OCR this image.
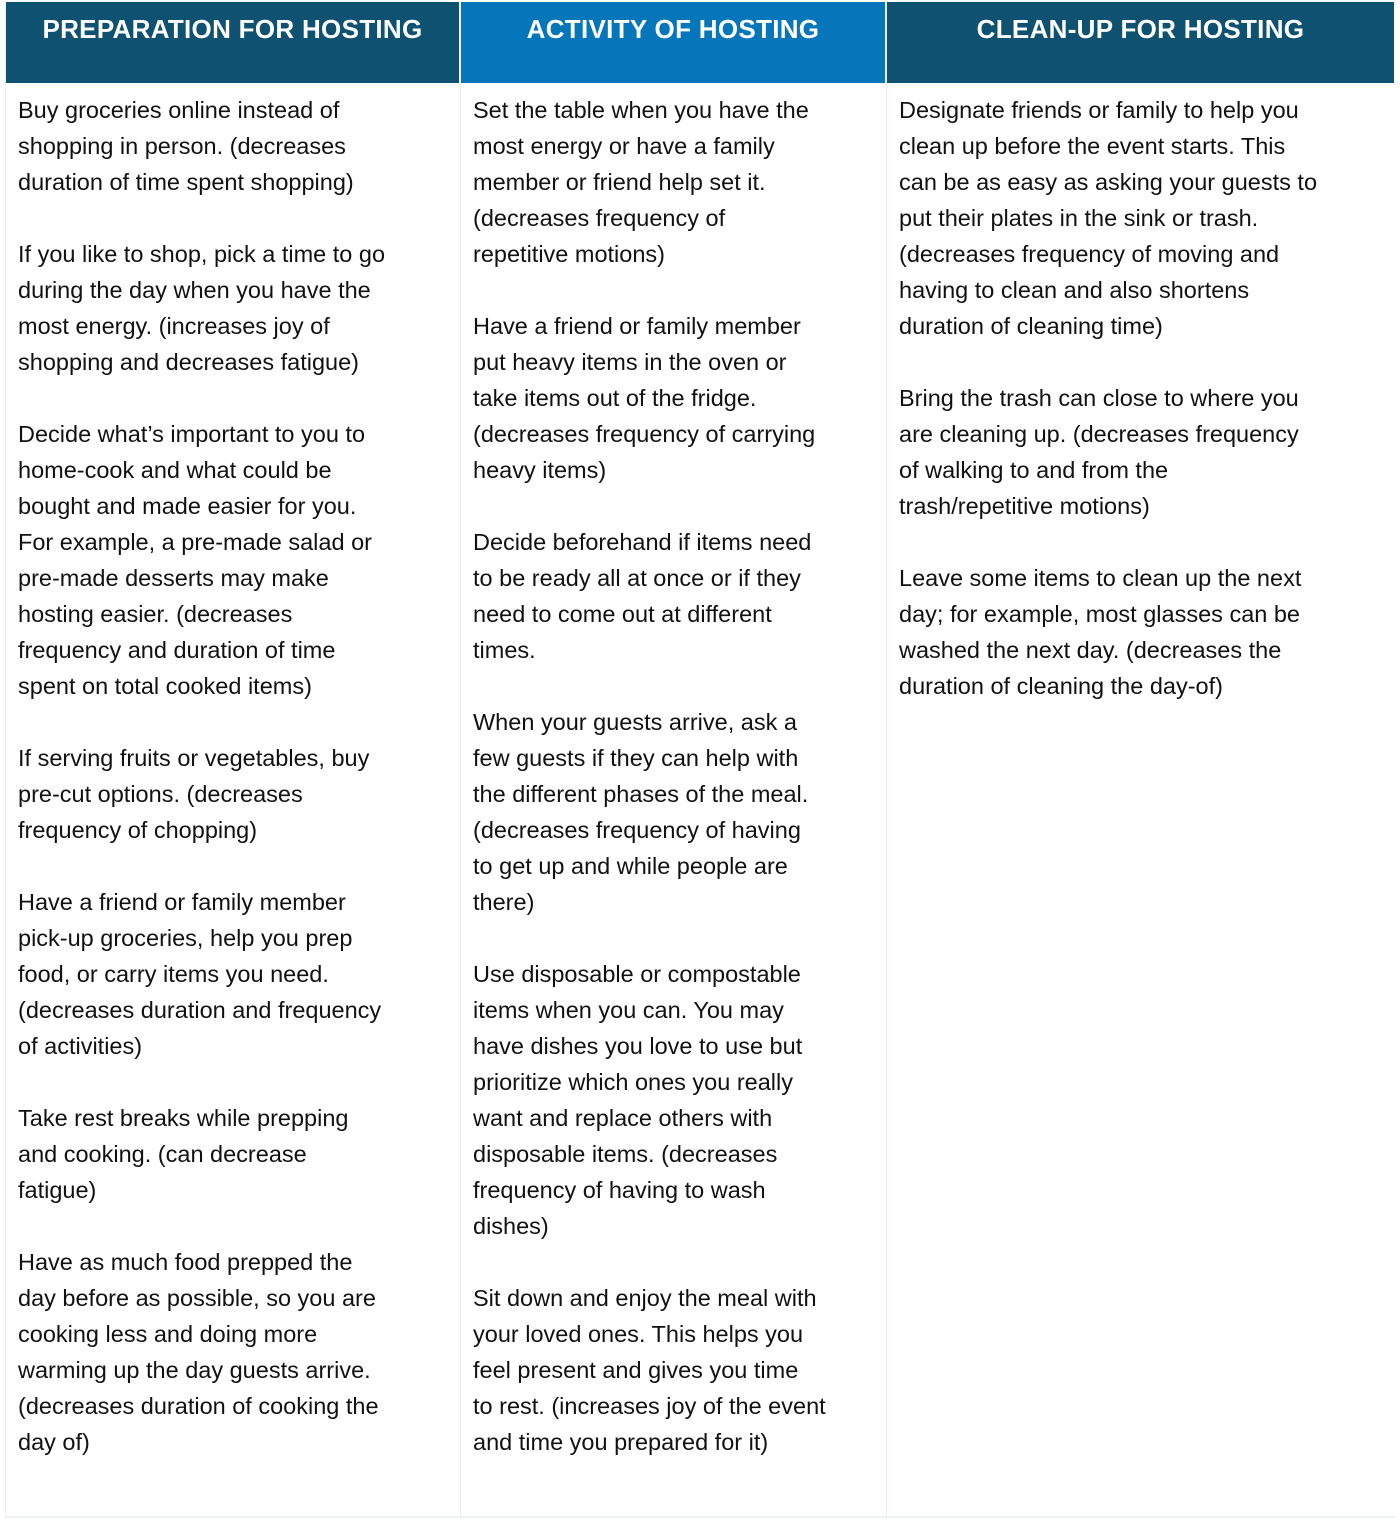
PREPARATION FOR HOSTING

Buy groceries online instead of
shopping in person. (decreases
duration of time spent shopping)

If you like to shop, pick a time to go
during the day when you have the
most energy. (increases joy of
shopping and decreases fatigue)

Decide what’s important to you to
home-cook and what could be
bought and made easier for you.
For example, a pre-made salad or
pre-made desserts may make
hosting easier. (decreases
frequency and duration of time
spent on total cooked items)

If serving fruits or vegetables, buy
pre-cut options. (decreases
frequency of chopping)

Have a friend or family member
pick-up groceries, help you prep
food, or carry items you need.
(decreases duration and frequency
of activities)

Take rest breaks while prepping
and cooking. (can decrease
fatigue)

Have as much food prepped the
day before as possible, so you are
cooking less and doing more
warming up the day guests arrive.
(decreases duration of cooking the
day of)

ACTIVITY OF HOSTING

Set the table when you have the
most energy or have a family
member or friend help set it.
(decreases frequency of
repetitive motions)

Have a friend or family member
put heavy items in the oven or
take items out of the fridge.
(decreases frequency of carrying
heavy items)

Decide beforehand if items need
to be ready all at once or if they
need to come out at different
times.

When your guests arrive, ask a
few guests if they can help with
the different phases of the meal.
(decreases frequency of having
to get up and while people are
there)

Use disposable or compostable
items when you can. You may
have dishes you love to use but
prioritize which ones you really
want and replace others with
disposable items. (decreases
frequency of having to wash
dishes)

Sit down and enjoy the meal with
your loved ones. This helps you
feel present and gives you time
to rest. (increases joy of the event
and time you prepared for it)

CLEAN-UP FOR HOSTING

Designate friends or family to help you
clean up before the event starts. This
can be as easy as asking your guests to
put their plates in the sink or trash.
(decreases frequency of moving and
having to clean and also shortens
duration of cleaning time)

Bring the trash can close to where you
are cleaning up. (decreases frequency
of walking to and from the
trash/repetitive motions)

Leave some items to clean up the next
day; for example, most glasses can be
washed the next day. (decreases the
duration of cleaning the day-of)
